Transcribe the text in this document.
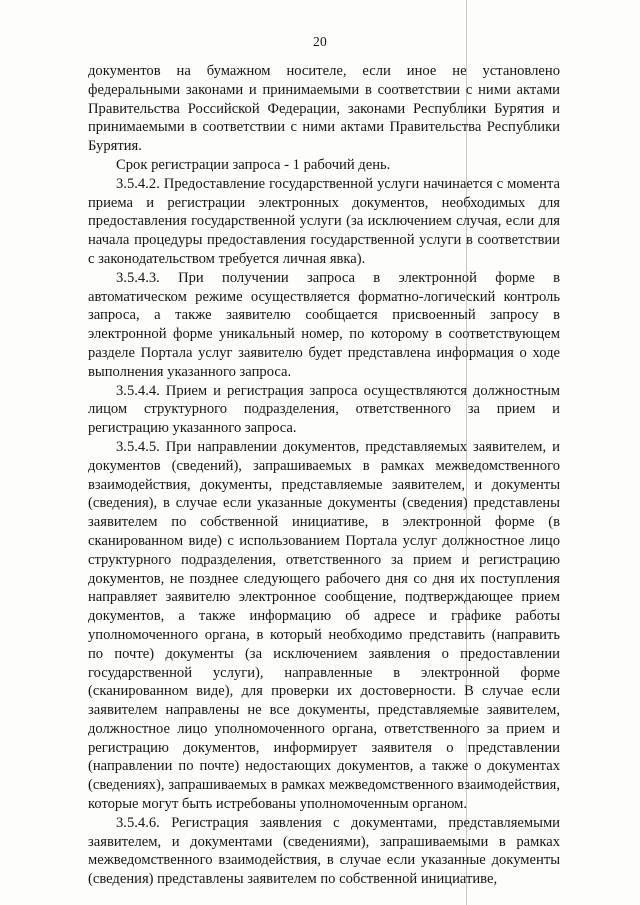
20

документов на бумажном носителе, если иное не установлено федеральными законами и принимаемыми в соответствии с ними актами Правительства Российской Федерации, законами Республики Бурятия и принимаемыми в соответствии с ними актами Правительства Республики Бурятия.

Срок регистрации запроса - 1 рабочий день.

3.5.4.2. Предоставление государственной услуги начинается с момента приема и регистрации электронных документов, необходимых для предоставления государственной услуги (за исключением случая, если для начала процедуры предоставления государственной услуги в соответствии с законодательством требуется личная явка).

3.5.4.3. При получении запроса в электронной форме в автоматическом режиме осуществляется форматно-логический контроль запроса, а также заявителю сообщается присвоенный запросу в электронной форме уникальный номер, по которому в соответствующем разделе Портала услуг заявителю будет представлена информация о ходе выполнения указанного запроса.

3.5.4.4. Прием и регистрация запроса осуществляются должностным лицом структурного подразделения, ответственного за прием и регистрацию указанного запроса.

3.5.4.5. При направлении документов, представляемых заявителем, и документов (сведений), запрашиваемых в рамках межведомственного взаимодействия, документы, представляемые заявителем, и документы (сведения), в случае если указанные документы (сведения) представлены заявителем по собственной инициативе, в электронной форме (в сканированном виде) с использованием Портала услуг должностное лицо структурного подразделения, ответственного за прием и регистрацию документов, не позднее следующего рабочего дня со дня их поступления направляет заявителю электронное сообщение, подтверждающее прием документов, а также информацию об адресе и графике работы уполномоченного органа, в который необходимо представить (направить по почте) документы (за исключением заявления о предоставлении государственной услуги), направленные в электронной форме (сканированном виде), для проверки их достоверности. В случае если заявителем направлены не все документы, представляемые заявителем, должностное лицо уполномоченного органа, ответственного за прием и регистрацию документов, информирует заявителя о представлении (направлении по почте) недостающих документов, а также о документах (сведениях), запрашиваемых в рамках межведомственного взаимодействия, которые могут быть истребованы уполномоченным органом.

3.5.4.6. Регистрация заявления с документами, представляемыми заявителем, и документами (сведениями), запрашиваемыми в рамках межведомственного взаимодействия, в случае если указанные документы (сведения) представлены заявителем по собственной инициативе,
